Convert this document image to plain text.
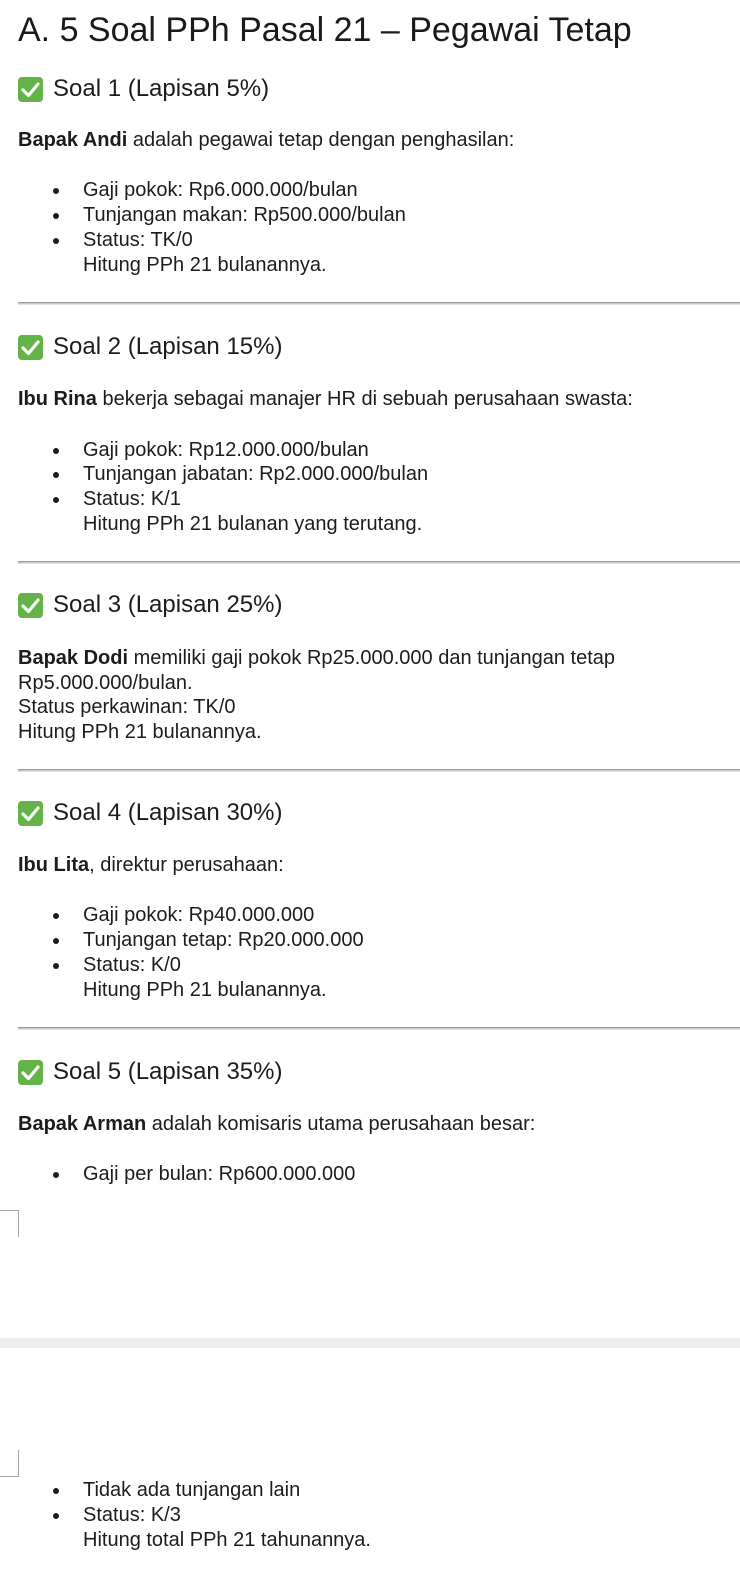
A. 5 Soal PPh Pasal 21 – Pegawai Tetap
Soal 1 (Lapisan 5%)
Bapak Andi adalah pegawai tetap dengan penghasilan:
Gaji pokok: Rp6.000.000/bulan
Tunjangan makan: Rp500.000/bulan
Status: TK/0
Hitung PPh 21 bulanannya.
Soal 2 (Lapisan 15%)
Ibu Rina bekerja sebagai manajer HR di sebuah perusahaan swasta:
Gaji pokok: Rp12.000.000/bulan
Tunjangan jabatan: Rp2.000.000/bulan
Status: K/1
Hitung PPh 21 bulanan yang terutang.
Soal 3 (Lapisan 25%)
Bapak Dodi memiliki gaji pokok Rp25.000.000 dan tunjangan tetap
Rp5.000.000/bulan.
Status perkawinan: TK/0
Hitung PPh 21 bulanannya.
Soal 4 (Lapisan 30%)
Ibu Lita, direktur perusahaan:
Gaji pokok: Rp40.000.000
Tunjangan tetap: Rp20.000.000
Status: K/0
Hitung PPh 21 bulanannya.
Soal 5 (Lapisan 35%)
Bapak Arman adalah komisaris utama perusahaan besar:
Gaji per bulan: Rp600.000.000
Tidak ada tunjangan lain
Status: K/3
Hitung total PPh 21 tahunannya.
